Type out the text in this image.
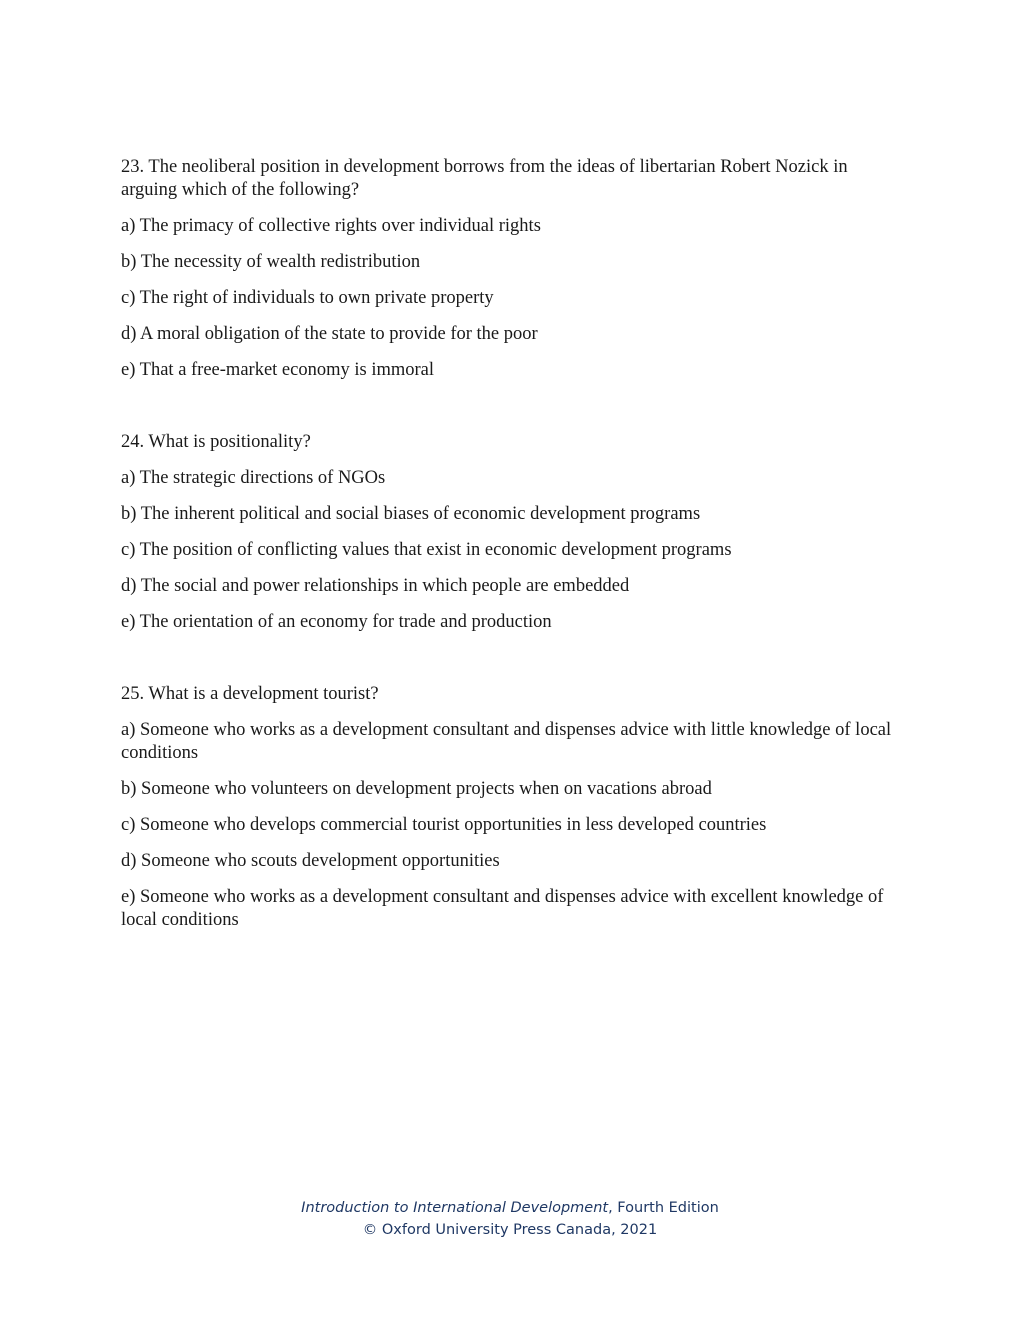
23. The neoliberal position in development borrows from the ideas of libertarian Robert Nozick in arguing which of the following?

a) The primacy of collective rights over individual rights

b) The necessity of wealth redistribution

c) The right of individuals to own private property

d) A moral obligation of the state to provide for the poor

e) That a free-market economy is immoral

24. What is positionality?

a) The strategic directions of NGOs

b) The inherent political and social biases of economic development programs

c) The position of conflicting values that exist in economic development programs

d) The social and power relationships in which people are embedded

e) The orientation of an economy for trade and production

25. What is a development tourist?

a) Someone who works as a development consultant and dispenses advice with little knowledge of local conditions

b) Someone who volunteers on development projects when on vacations abroad

c) Someone who develops commercial tourist opportunities in less developed countries

d) Someone who scouts development opportunities

e) Someone who works as a development consultant and dispenses advice with excellent knowledge of local conditions

Introduction to International Development, Fourth Edition
© Oxford University Press Canada, 2021
